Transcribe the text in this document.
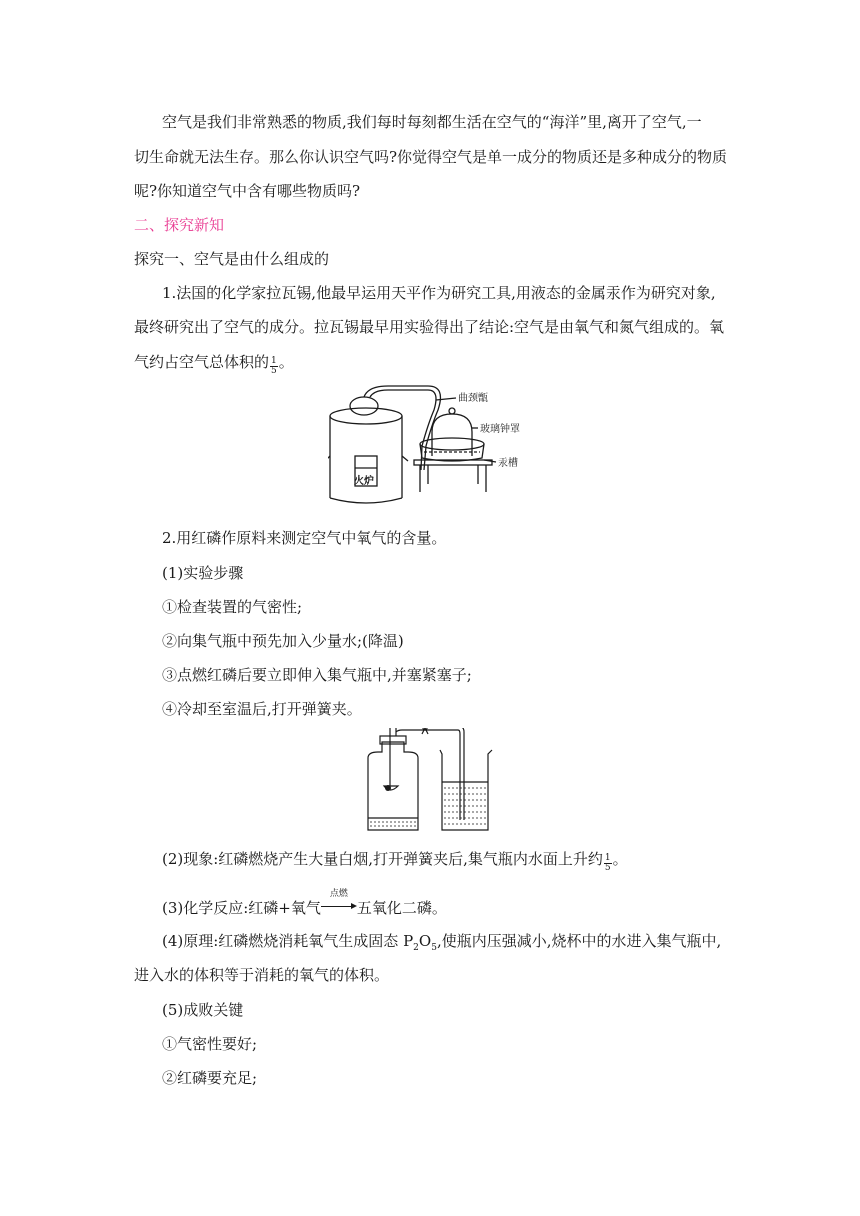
空气是我们非常熟悉的物质,我们每时每刻都生活在空气的“海洋”里,离开了空气,一
切生命就无法生存。那么你认识空气吗?你觉得空气是单一成分的物质还是多种成分的物质
呢?你知道空气中含有哪些物质吗?
二、探究新知
探究一、空气是由什么组成的
1.法国的化学家拉瓦锡,他最早运用天平作为研究工具,用液态的金属汞作为研究对象,
最终研究出了空气的成分。拉瓦锡最早用实验得出了结论:空气是由氧气和氮气组成的。氧
气约占空气总体积的 $\frac{1}{5}$ 。
曲颈甑
玻璃钟罩
汞槽
火炉
2.用红磷作原料来测定空气中氧气的含量。
(1)实验步骤
①检查装置的气密性;
②向集气瓶中预先加入少量水;(降温)
③点燃红磷后要立即伸入集气瓶中,并塞紧塞子;
④冷却至室温后,打开弹簧夹。
(2)现象:红磷燃烧产生大量白烟,打开弹簧夹后,集气瓶内水面上升约 $\frac{1}{5}$ 。
(3)化学反应:红磷+氧气
点燃
五氧化二磷。
(4)原理:红磷燃烧消耗氧气生成固态 $P_2O_5$,使瓶内压强减小,烧杯中的水进入集气瓶中,
进入水的体积等于消耗的氧气的体积。
(5)成败关键
①气密性要好;
②红磷要充足;
